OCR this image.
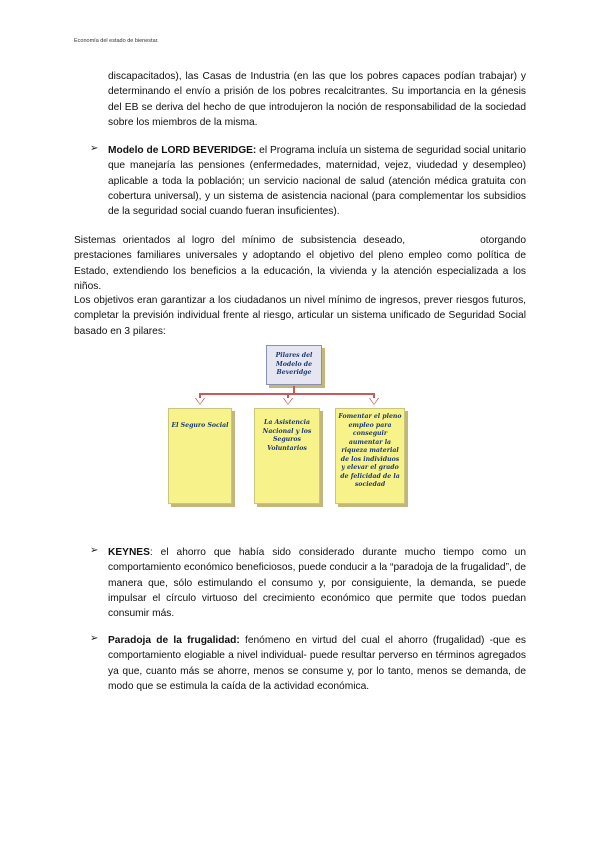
Economía del estado de bienestar.
discapacitados), las Casas de Industria (en las que los pobres capaces podían trabajar) y determinando el envío a prisión de los pobres recalcitrantes. Su importancia en la génesis del EB se deriva del hecho de que introdujeron la noción de responsabilidad de la sociedad sobre los miembros de la misma.
➢ Modelo de LORD BEVERIDGE: el Programa incluía un sistema de seguridad social unitario que manejaría las pensiones (enfermedades, maternidad, vejez, viudedad y desempleo) aplicable a toda la población; un servicio nacional de salud (atención médica gratuita con cobertura universal), y un sistema de asistencia nacional (para complementar los subsidios de la seguridad social cuando fueran insuficientes).
Sistemas orientados al logro del mínimo de subsistencia deseado,	otorgando prestaciones familiares universales y adoptando el objetivo del pleno empleo como política de Estado, extendiendo los beneficios a la educación, la vivienda y la atención especializada a los niños.
Los objetivos eran garantizar a los ciudadanos un nivel mínimo de ingresos, prever riesgos futuros, completar la previsión individual frente al riesgo, articular un sistema unificado de Seguridad Social basado en 3 pilares:
Pilares del Modelo de Beveridge
El Seguro Social	La Asistencia Nacional y los Seguros Voluntarios
Fomentar el pleno empleo para conseguir aumentar la riqueza material de los individuos y elevar el grado de felicidad de la sociedad
➢ KEYNES: el ahorro que había sido considerado durante mucho tiempo como un comportamiento económico beneficiosos, puede conducir a la “paradoja de la frugalidad”, de manera que, sólo estimulando el consumo y, por consiguiente, la demanda, se puede impulsar el círculo virtuoso del crecimiento económico que permite que todos puedan consumir más.
➢ Paradoja de la frugalidad: fenómeno en virtud del cual el ahorro (frugalidad) -que es comportamiento elogiable a nivel individual- puede resultar perverso en términos agregados ya que, cuanto más se ahorre, menos se consume y, por lo tanto, menos se demanda, de modo que se estimula la caída de la actividad económica.
